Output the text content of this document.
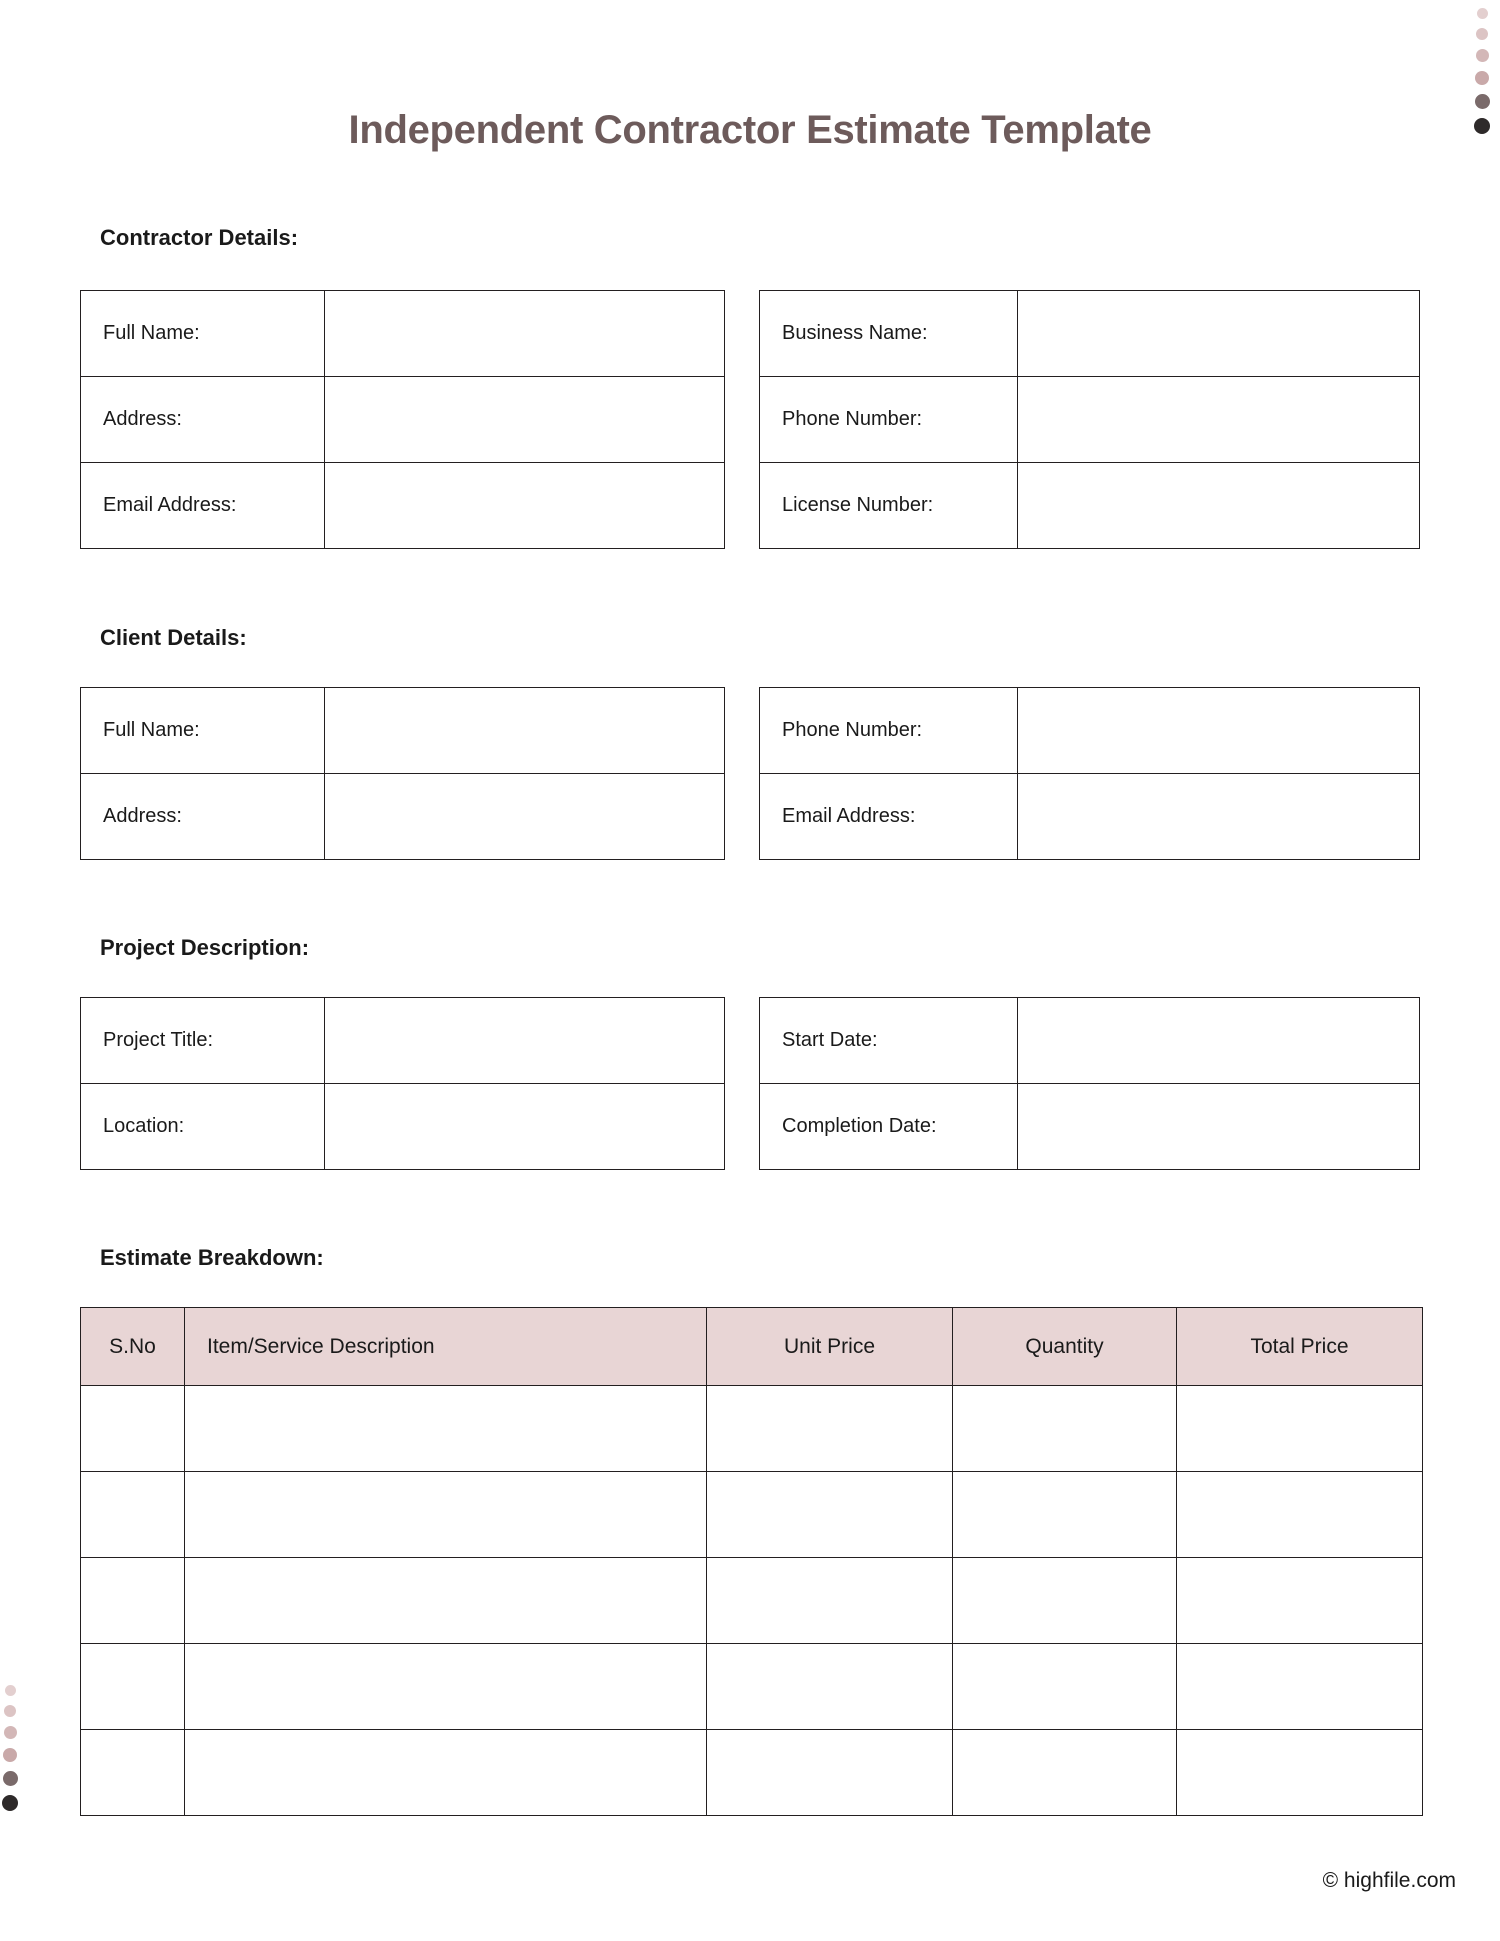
Independent Contractor Estimate Template
Contractor Details:
Full Name:	
Address:	
Email Address:	
Business Name:	
Phone Number:	
License Number:	
Client Details:
Full Name:	
Address:	
Phone Number:	
Email Address:	
Project Description:
Project Title:	
Location:	
Start Date:	
Completion Date:	
Estimate Breakdown:
S.No	Item/Service Description	Unit Price	Quantity	Total Price

© highfile.com
